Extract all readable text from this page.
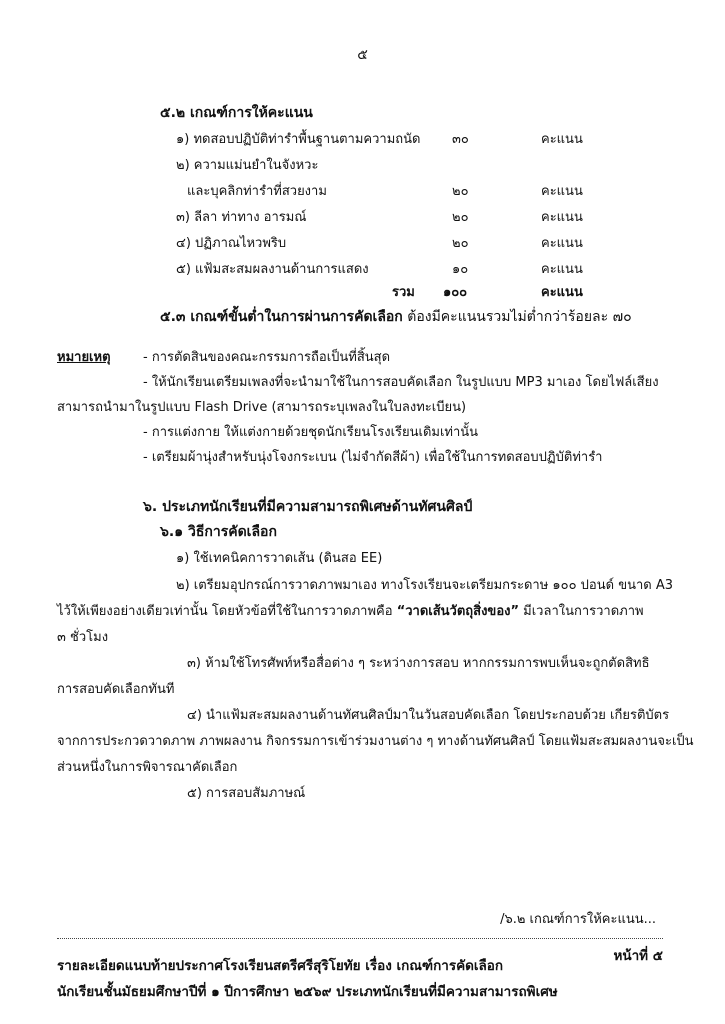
๕
๕.๒ เกณฑ์การให้คะแนน
๑) ทดสอบปฏิบัติท่ารำพื้นฐานตามความถนัด ๓๐	คะแนน
๒) ความแม่นยำในจังหวะ
และบุคลิกท่ารำที่สวยงาม	๒๐	คะแนน
๓) ลีลา ท่าทาง อารมณ์	๒๐	คะแนน
๔) ปฏิภาณไหวพริบ	๒๐	คะแนน
๕) แฟ้มสะสมผลงานด้านการแสดง	๑๐	คะแนน
รวม ๑๐๐	คะแนน
๕.๓ เกณฑ์ขั้นต่ำในการผ่านการคัดเลือก ต้องมีคะแนนรวมไม่ต่ำกว่าร้อยละ ๗๐
หมายเหตุ - การตัดสินของคณะกรรมการถือเป็นที่สิ้นสุด
- ให้นักเรียนเตรียมเพลงที่จะนำมาใช้ในการสอบคัดเลือก ในรูปแบบ MP3 มาเอง โดยไฟล์เสียง
สามารถนำมาในรูปแบบ Flash Drive (สามารถระบุเพลงในใบลงทะเบียน)
- การแต่งกาย ให้แต่งกายด้วยชุดนักเรียนโรงเรียนเดิมเท่านั้น
- เตรียมผ้านุ่งสำหรับนุ่งโจงกระเบน (ไม่จำกัดสีผ้า) เพื่อใช้ในการทดสอบปฏิบัติท่ารำ
๖. ประเภทนักเรียนที่มีความสามารถพิเศษด้านทัศนศิลป์
๖.๑ วิธีการคัดเลือก
๑) ใช้เทคนิคการวาดเส้น (ดินสอ EE)
๒) เตรียมอุปกรณ์การวาดภาพมาเอง ทางโรงเรียนจะเตรียมกระดาษ ๑๐๐ ปอนด์ ขนาด A3
ไว้ให้เพียงอย่างเดียวเท่านั้น โดยหัวข้อที่ใช้ในการวาดภาพคือ “วาดเส้นวัตถุสิ่งของ” มีเวลาในการวาดภาพ
๓ ชั่วโมง
๓) ห้ามใช้โทรศัพท์หรือสื่อต่าง ๆ ระหว่างการสอบ หากกรรมการพบเห็นจะถูกตัดสิทธิ
การสอบคัดเลือกทันที
๔) นำแฟ้มสะสมผลงานด้านทัศนศิลป์มาในวันสอบคัดเลือก โดยประกอบด้วย เกียรติบัตร
จากการประกวดวาดภาพ ภาพผลงาน กิจกรรมการเข้าร่วมงานต่าง ๆ ทางด้านทัศนศิลป์ โดยแฟ้มสะสมผลงานจะเป็น
ส่วนหนึ่งในการพิจารณาคัดเลือก
๕) การสอบสัมภาษณ์
/๖.๒ เกณฑ์การให้คะแนน...
หน้าที่ ๕
รายละเอียดแนบท้ายประกาศโรงเรียนสตรีศรีสุริโยทัย เรื่อง เกณฑ์การคัดเลือก
นักเรียนชั้นมัธยมศึกษาปีที่ ๑ ปีการศึกษา ๒๕๖๙ ประเภทนักเรียนที่มีความสามารถพิเศษ
